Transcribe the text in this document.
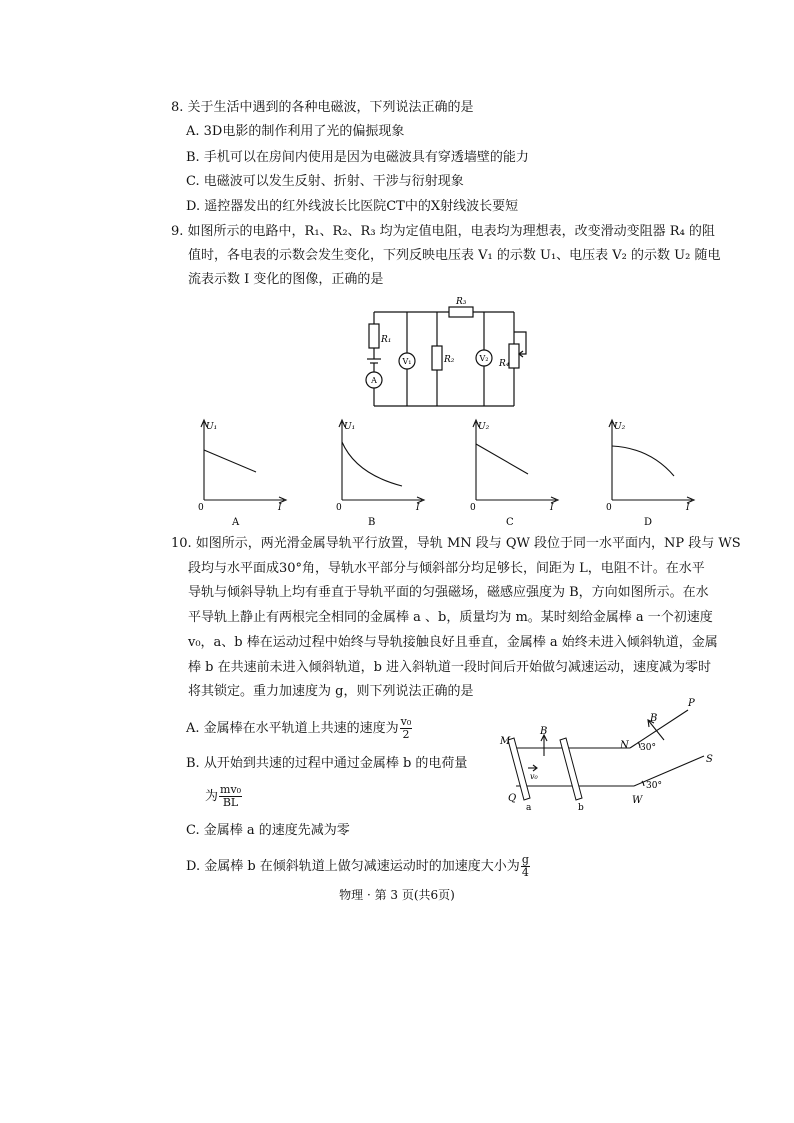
8. 关于生活中遇到的各种电磁波，下列说法正确的是
A. 3D电影的制作利用了光的偏振现象
B. 手机可以在房间内使用是因为电磁波具有穿透墙壁的能力
C. 电磁波可以发生反射、折射、干涉与衍射现象
D. 遥控器发出的红外线波长比医院CT中的X射线波长要短
9. 如图所示的电路中，R₁、R₂、R₃ 均为定值电阻，电表均为理想表，改变滑动变阻器 R₄ 的阻
值时，各电表的示数会发生变化，下列反映电压表 V₁ 的示数 U₁、电压表 V₂ 的示数 U₂ 随电
流表示数 I 变化的图像，正确的是
R₁
R₃
R₂	R₄
V₁	V₂
A
U₁
0	I
A
U₁
0	I
B
U₂
0	I
C
U₂
0	I
D
10. 如图所示，两光滑金属导轨平行放置，导轨 MN 段与 QW 段位于同一水平面内，NP 段与 WS
段均与水平面成30°角，导轨水平部分与倾斜部分均足够长，间距为 L，电阻不计。在水平
导轨与倾斜导轨上均有垂直于导轨平面的匀强磁场，磁感应强度为 B，方向如图所示。在水
平导轨上静止有两根完全相同的金属棒 a 、b，质量均为 m。某时刻给金属棒 a 一个初速度
v₀，a、b 棒在运动过程中始终与导轨接触良好且垂直，金属棒 a 始终未进入倾斜轨道，金属
棒 b 在共速前未进入倾斜轨道，b 进入斜轨道一段时间后开始做匀减速运动，速度减为零时
将其锁定。重力加速度为 g，则下列说法正确的是
A. 金属棒在水平轨道上共速的速度为 $\frac{\text{v₀}}{2}$
B. 从开始到共速的过程中通过金属棒 b 的电荷量
为 $\frac{\text{mv₀}}{BL}$
C. 金属棒 a 的速度先减为零
D. 金属棒 b 在倾斜轨道上做匀减速运动时的加速度大小为 $\frac{g}{4}$
M	N
P
Q	W
S
B
B
v₀
a	b
30°
30°
物理 · 第 3 页(共6页)
